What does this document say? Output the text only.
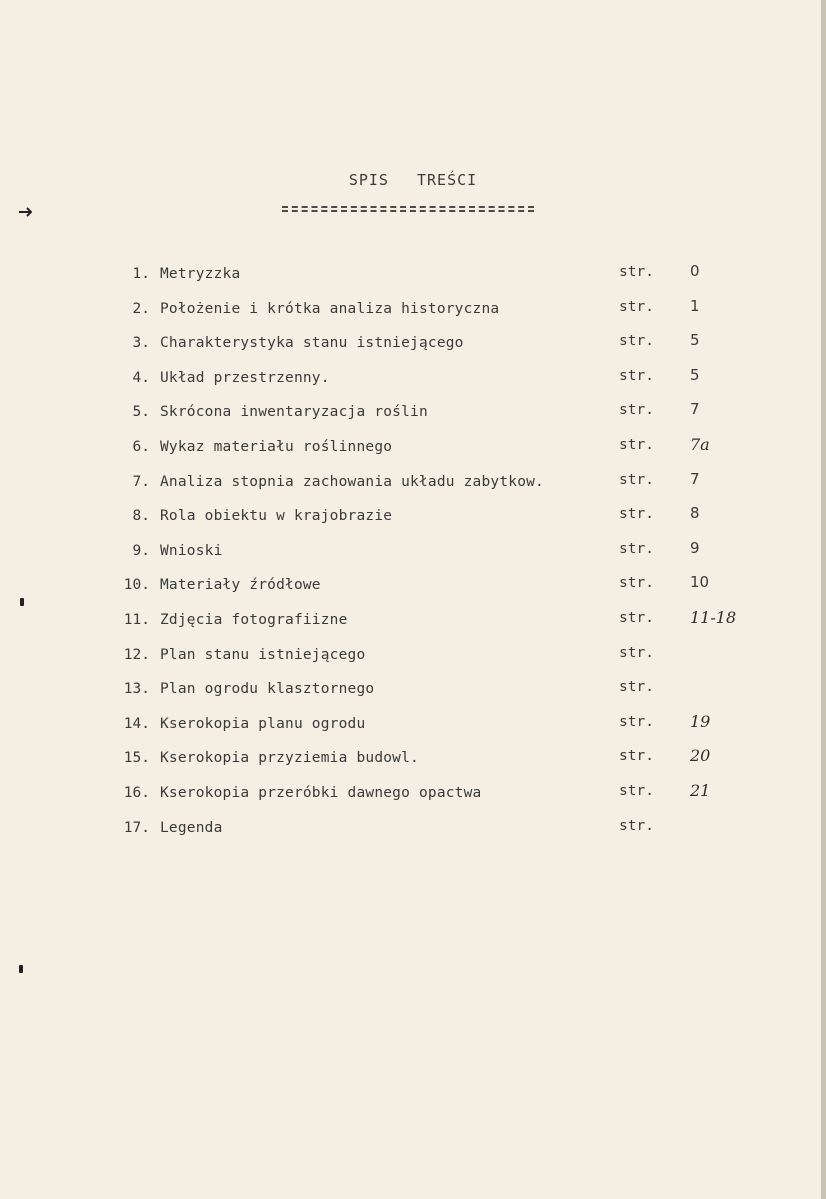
SPIS TREŚCI
1. Metryzzka	str. 0
2. Położenie i krótka analiza historyczna	str. 1
3. Charakterystyka stanu istniejącego	str. 5
4. Układ przestrzenny.	str. 5
5. Skrócona inwentaryzacja roślin	str. 7
6. Wykaz materiału roślinnego	str. 7a
7. Analiza stopnia zachowania układu zabytkow.	str. 7
8. Rola obiektu w krajobrazie	str. 8
9. Wnioski	str. 9
10. Materiały źródłowe	str. 10
11. Zdjęcia fotografiizne	str. 11-18
12. Plan stanu istniejącego	str.
13. Plan ogrodu klasztornego	str.
14. Kserokopia planu ogrodu	str. 19
15. Kserokopia przyziemia budowl.	str. 20
16. Kserokopia przeróbki dawnego opactwa	str. 21
17. Legenda	str.
